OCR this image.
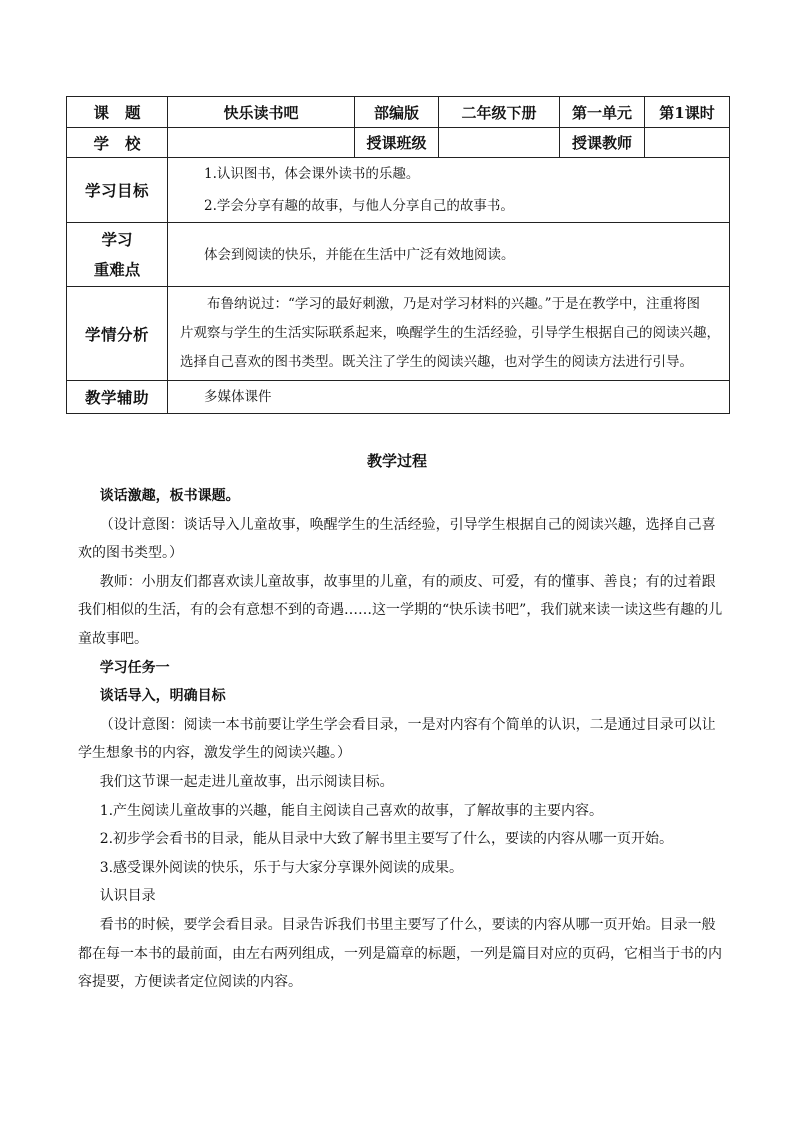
课题	快乐读书吧	部编版	二年级下册	第一单元	第1课时
学校		授课班级		授课教师	
学习目标	1.认识图书，体会课外读书的乐趣。
2.学会分享有趣的故事，与他人分享自己的故事书。				

学习
重难点	体会到阅读的快乐，并能在生活中广泛有效地阅读。				
学情分析	布鲁纳说过：“学习的最好刺激，乃是对学习材料的兴趣。”于是在教学中，注重将图
片观察与学生的生活实际联系起来，唤醒学生的生活经验，引导学生根据自己的阅读兴趣，
选择自己喜欢的图书类型。既关注了学生的阅读兴趣，也对学生的阅读方法进行引导。				

教学辅助	多媒体课件				
教学过程

谈话激趣，板书课题。

（设计意图：谈话导入儿童故事，唤醒学生的生活经验，引导学生根据自己的阅读兴趣，选择自己喜

欢的图书类型。）

教师：小朋友们都喜欢读儿童故事，故事里的儿童，有的顽皮、可爱，有的懂事、善良；有的过着跟

我们相似的生活，有的会有意想不到的奇遇……这一学期的“快乐读书吧”，我们就来读一读这些有趣的儿

童故事吧。

学习任务一

谈话导入，明确目标

（设计意图：阅读一本书前要让学生学会看目录，一是对内容有个简单的认识，二是通过目录可以让

学生想象书的内容，激发学生的阅读兴趣。）

我们这节课一起走进儿童故事，出示阅读目标。

1.产生阅读儿童故事的兴趣，能自主阅读自己喜欢的故事，了解故事的主要内容。

2.初步学会看书的目录，能从目录中大致了解书里主要写了什么，要读的内容从哪一页开始。

3.感受课外阅读的快乐，乐于与大家分享课外阅读的成果。

认识目录

看书的时候，要学会看目录。目录告诉我们书里主要写了什么，要读的内容从哪一页开始。目录一般

都在每一本书的最前面，由左右两列组成，一列是篇章的标题，一列是篇目对应的页码，它相当于书的内

容提要，方便读者定位阅读的内容。
